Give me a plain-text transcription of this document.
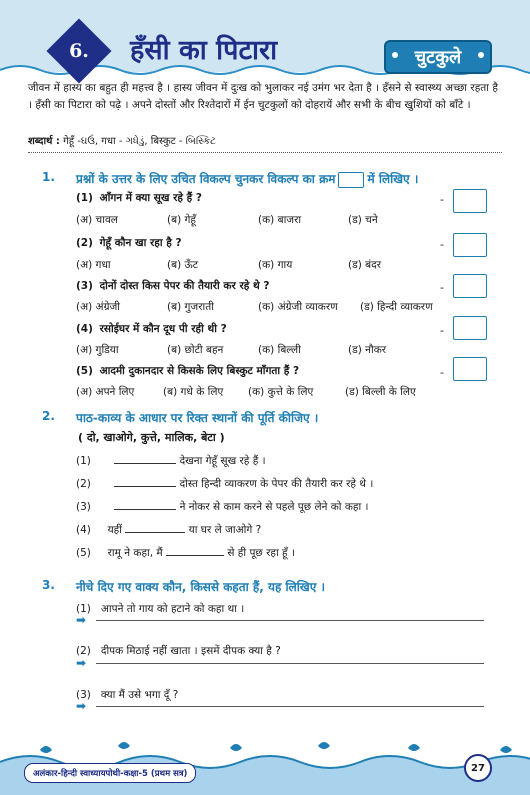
6.	हँसी का पिटारा	चुटकुले
जीवन में हास्य का बहुत ही महत्त्व है । हास्य जीवन में दुःख को भुलाकर नई उमंग भर देता है । हँसने से स्वास्थ्य अच्छा रहता है । हँसी का पिटारा को पढ़े । अपने दोस्तों और रिश्तेदारों में ईन चुटकुलों को दोहरायें और सभी के बीच खुशियों को बाँटे ।
शब्दार्थ : गेहूँ -ઘઉં, गधा - ગધેડું, बिस्कुट - બિસ્કિટ
1. प्रश्नों के उत्तर के लिए उचित विकल्प चुनकर विकल्प का क्रम	में लिखिए ।
(1) आँगन में क्या सूख रहे हैं ?	-
(अ) चावल	(ब) गेहूँ	(क) बाजरा	(ड) चने
(2) गेहूँ कौन खा रहा है ?	-
(अ) गधा	(ब) ऊँट	(क) गाय	(ड) बंदर
(3) दोनों दोस्त किस पेपर की तैयारी कर रहे थे ?	-
(अ) अंग्रेजी	(ब) गुजराती	(क) अंग्रेजी व्याकरण (ड) हिन्दी व्याकरण
(4) रसोईघर में कौन दूध पी रही थी ?	-
(अ) गुडिया	(ब) छोटी बहन	(क) बिल्ली	(ड) नौकर
(5) आदमी दुकानदार से किसके लिए बिस्कुट माँगता हैं ?	-
(अ) अपने लिए	(ब) गधे के लिए (क) कुत्ते के लिए	(ड) बिल्ली के लिए
2. पाठ-काव्य के आधार पर रिक्त स्थानों की पूर्ति कीजिए ।
( दो, खाओगे, कुत्ते, मालिक, बेटा )
(1)	देखना गेहूँ सूख रहे हैं ।
(2)	दोस्त हिन्दी व्याकरण के पेपर की तैयारी कर रहे थे ।
(3)	ने नोकर से काम करने से पहले पूछ लेने को कहा ।
(4) यहीं	या घर ले जाओगे ?
(5) रामू ने कहा, मैं	से ही पूछ रहा हूँ ।
3. नीचे दिए गए वाक्य कौन, किससे कहता हैं, यह लिखिए ।
(1) आपने तो गाय को हटाने को कहा था ।
➡
(2) दीपक मिठाई नहीं खाता । इसमें दीपक क्या है ?
➡
(3) क्या मैं उसे भगा दूँ ?
➡
अलंकार-हिन्दी स्वाध्यायपोथी-कक्षा-5 (प्रथम सत्र)	27
